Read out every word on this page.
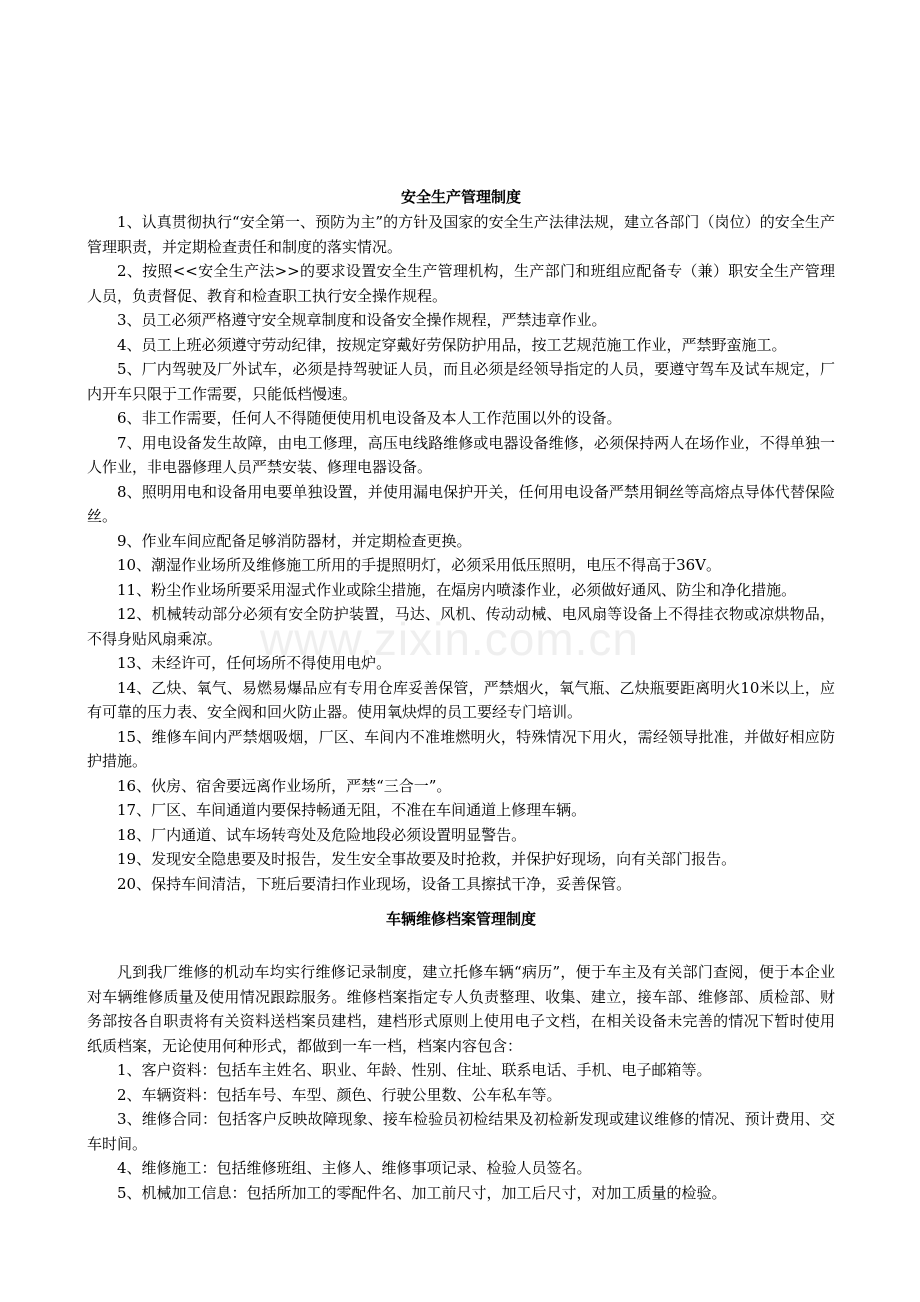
www.zixin.com.cn
安全生产管理制度

1、认真贯彻执行“安全第一、预防为主”的方针及国家的安全生产法律法规，建立各部门（岗位）的安全生产管理职责，并定期检查责任和制度的落实情况。

2、按照<<安全生产法>>的要求设置安全生产管理机构，生产部门和班组应配备专（兼）职安全生产管理人员，负责督促、教育和检查职工执行安全操作规程。

3、员工必须严格遵守安全规章制度和设备安全操作规程，严禁违章作业。

4、员工上班必须遵守劳动纪律，按规定穿戴好劳保防护用品，按工艺规范施工作业，严禁野蛮施工。

5、厂内驾驶及厂外试车，必须是持驾驶证人员，而且必须是经领导指定的人员，要遵守驾车及试车规定，厂内开车只限于工作需要，只能低档慢速。

6、非工作需要，任何人不得随便使用机电设备及本人工作范围以外的设备。

7、用电设备发生故障，由电工修理，高压电线路维修或电器设备维修，必须保持两人在场作业，不得单独一人作业，非电器修理人员严禁安装、修理电器设备。

8、照明用电和设备用电要单独设置，并使用漏电保护开关，任何用电设备严禁用铜丝等高熔点导体代替保险丝。

9、作业车间应配备足够消防器材，并定期检查更换。

10、潮湿作业场所及维修施工所用的手提照明灯，必须采用低压照明，电压不得高于36V。

11、粉尘作业场所要采用湿式作业或除尘措施，在煏房内喷漆作业，必须做好通风、防尘和净化措施。

12、机械转动部分必须有安全防护装置，马达、风机、传动动械、电风扇等设备上不得挂衣物或凉烘物品，不得身贴风扇乘凉。

13、未经许可，任何场所不得使用电炉。

14、乙炔、氧气、易燃易爆品应有专用仓库妥善保管，严禁烟火，氧气瓶、乙炔瓶要距离明火10米以上，应有可靠的压力表、安全阀和回火防止器。使用氧炔焊的员工要经专门培训。

15、维修车间内严禁烟吸烟，厂区、车间内不准堆燃明火，特殊情况下用火，需经领导批准，并做好相应防护措施。

16、伙房、宿舍要远离作业场所，严禁“三合一”。

17、厂区、车间通道内要保持畅通无阻，不准在车间通道上修理车辆。

18、厂内通道、试车场转弯处及危险地段必须设置明显警告。

19、发现安全隐患要及时报告，发生安全事故要及时抢救，并保护好现场，向有关部门报告。

20、保持车间清洁，下班后要清扫作业现场，设备工具擦拭干净，妥善保管。

车辆维修档案管理制度

凡到我厂维修的机动车均实行维修记录制度，建立托修车辆“病历”，便于车主及有关部门查阅，便于本企业对车辆维修质量及使用情况跟踪服务。维修档案指定专人负责整理、收集、建立，接车部、维修部、质检部、财务部按各自职责将有关资料送档案员建档，建档形式原则上使用电子文档，在相关设备未完善的情况下暂时使用纸质档案，无论使用何种形式，都做到一车一档，档案内容包含：

1、客户资料：包括车主姓名、职业、年龄、性别、住址、联系电话、手机、电子邮箱等。

2、车辆资料：包括车号、车型、颜色、行驶公里数、公车私车等。

3、维修合同：包括客户反映故障现象、接车检验员初检结果及初检新发现或建议维修的情况、预计费用、交车时间。

4、维修施工：包括维修班组、主修人、维修事项记录、检验人员签名。

5、机械加工信息：包括所加工的零配件名、加工前尺寸，加工后尺寸，对加工质量的检验。
